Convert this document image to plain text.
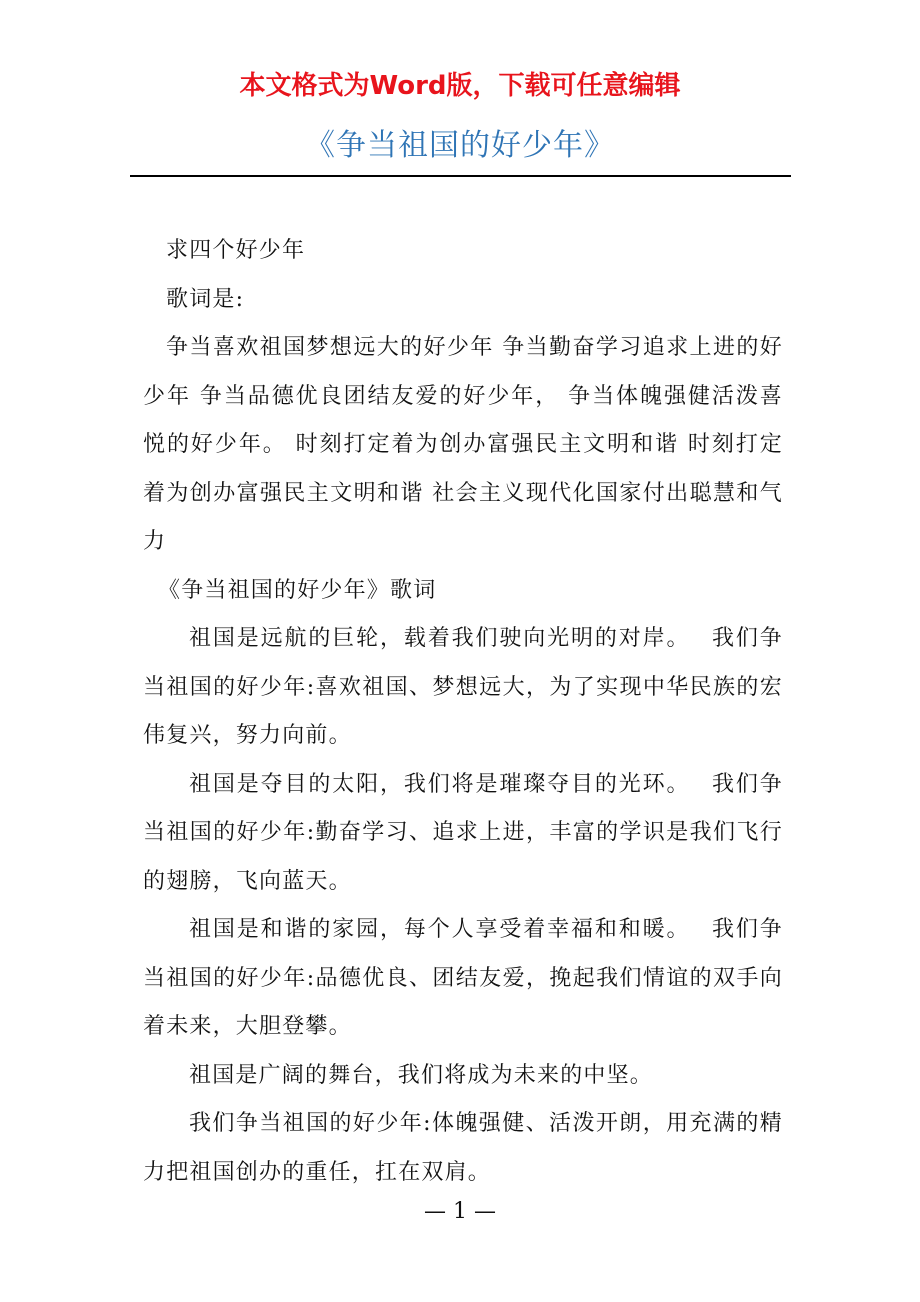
本文格式为Word版，下载可任意编辑
《争当祖国的好少年》

求四个好少年

歌词是:

争当喜欢祖国梦想远大的好少年 争当勤奋学习追求上进的好少年 争当品德优良团结友爱的好少年， 争当体魄强健活泼喜悦的好少年。 时刻打定着为创办富强民主文明和谐 时刻打定着为创办富强民主文明和谐 社会主义现代化国家付出聪慧和气力

《争当祖国的好少年》歌词

祖国是远航的巨轮，载着我们驶向光明的对岸。　 我们争当祖国的好少年:喜欢祖国、梦想远大，为了实现中华民族的宏伟复兴，努力向前。

祖国是夺目的太阳，我们将是璀璨夺目的光环。　 我们争当祖国的好少年:勤奋学习、追求上进，丰富的学识是我们飞行的翅膀，飞向蓝天。

祖国是和谐的家园，每个人享受着幸福和和暖。　 我们争当祖国的好少年:品德优良、团结友爱，挽起我们情谊的双手向着未来，大胆登攀。

祖国是广阔的舞台，我们将成为未来的中坚。

我们争当祖国的好少年:体魄强健、活泼开朗，用充满的精力把祖国创办的重任，扛在双肩。

— 1 —
